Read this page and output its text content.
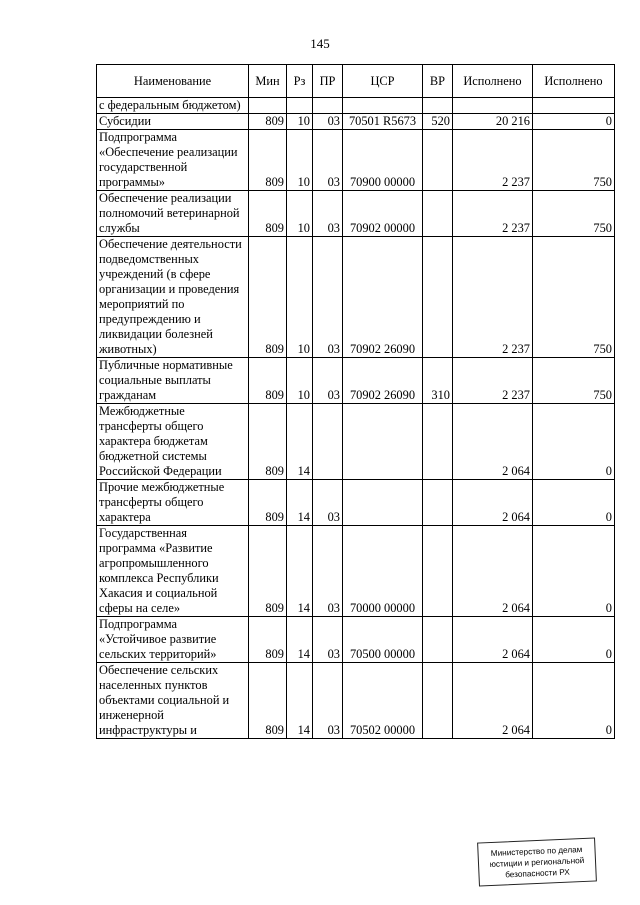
145
Наименование	Мин	Рз	ПР	ЦСР	ВР	Исполнено	Исполнено
с федеральным бюджетом)							
Субсидии	809	10	03	70501 R5673	520	20 216	0
Подпрограмма «Обеспечение реализации государственной программы»	809	10	03	70900 00000		2 237	750
Обеспечение реализации полномочий ветеринарной службы	809	10	03	70902 00000		2 237	750
Обеспечение деятельности подведомственных учреждений (в сфере организации и проведения мероприятий по предупреждению и ликвидации болезней животных)	809	10	03	70902 26090		2 237	750
Публичные нормативные социальные выплаты гражданам	809	10	03	70902 26090	310	2 237	750
Межбюджетные трансферты общего характера бюджетам бюджетной системы Российской Федерации	809	14				2 064	0
Прочие межбюджетные трансферты общего характера	809	14	03			2 064	0
Государственная программа «Развитие агропромышленного комплекса Республики Хакасия и социальной сферы на селе»	809	14	03	70000 00000		2 064	0
Подпрограмма «Устойчивое развитие сельских территорий»	809	14	03	70500 00000		2 064	0
Обеспечение сельских населенных пунктов объектами социальной и инженерной инфраструктуры и	809	14	03	70502 00000		2 064	0
Министерство по делам
юстиции и региональной
безопасности РХ
